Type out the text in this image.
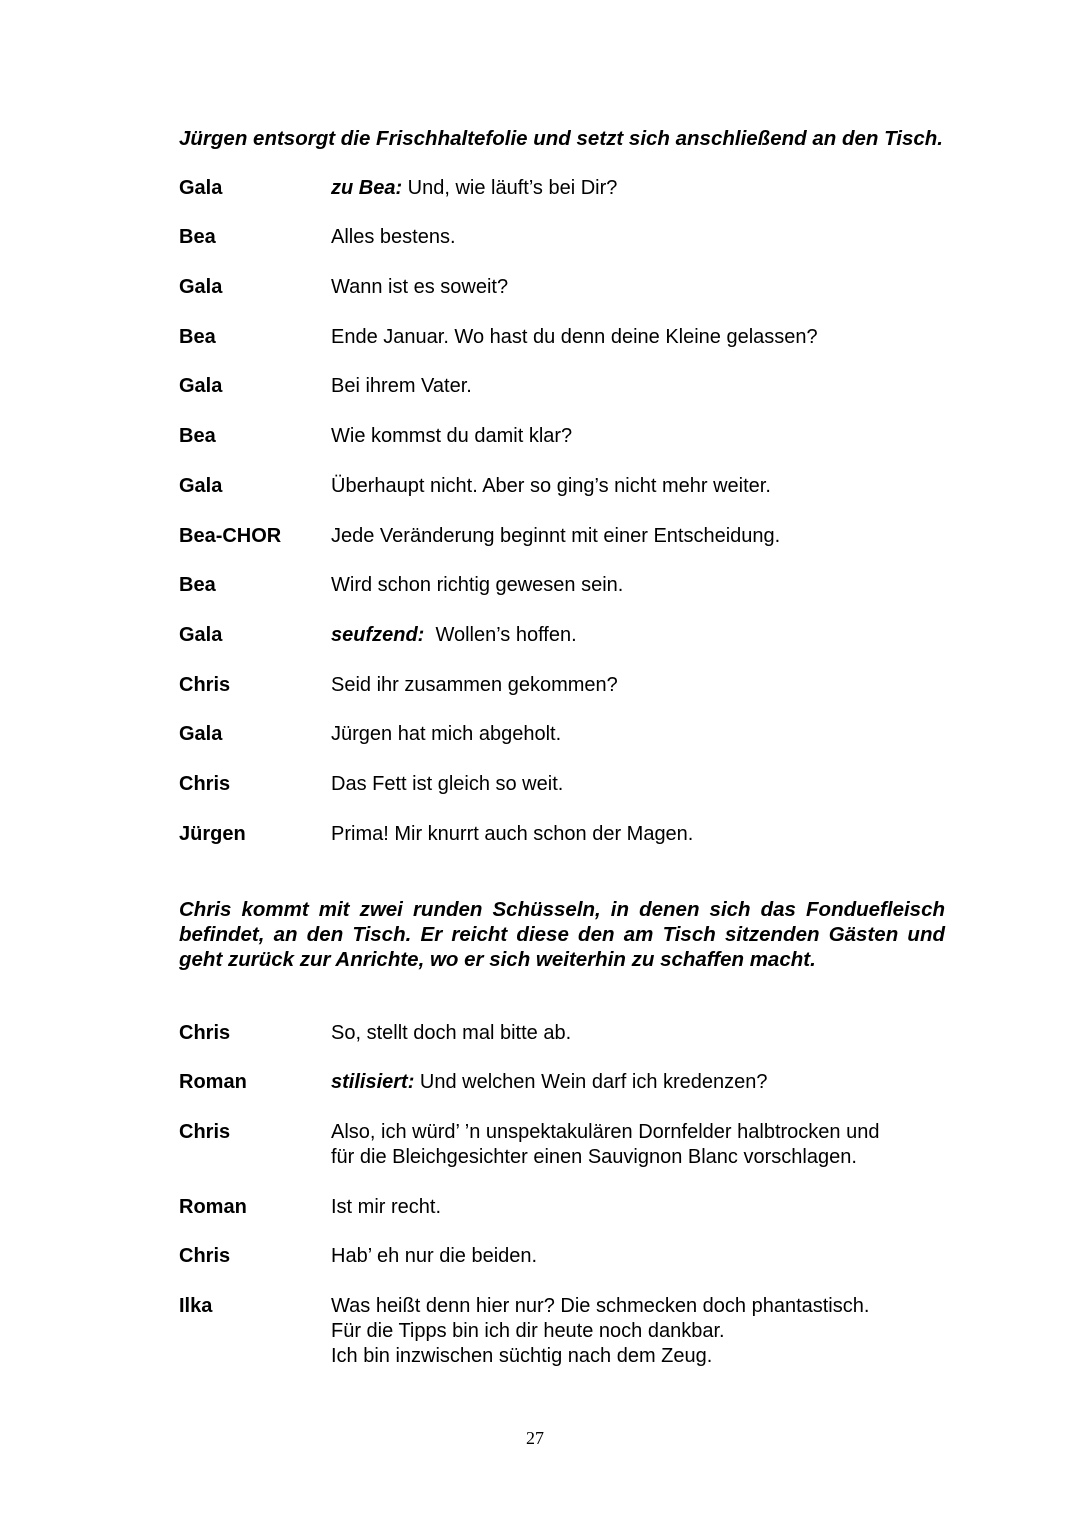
Jürgen entsorgt die Frischhaltefolie und setzt sich anschließend an den Tisch.

Gala	zu Bea: Und, wie läuft’s bei Dir?
Bea	Alles bestens.
Gala	Wann ist es soweit?
Bea	Ende Januar. Wo hast du denn deine Kleine gelassen?
Gala	Bei ihrem Vater.
Bea	Wie kommst du damit klar?
Gala	Überhaupt nicht. Aber so ging’s nicht mehr weiter.
Bea-CHOR	Jede Veränderung beginnt mit einer Entscheidung.
Bea	Wird schon richtig gewesen sein.
Gala	seufzend:  Wollen’s hoffen.
Chris	Seid ihr zusammen gekommen?
Gala	Jürgen hat mich abgeholt.
Chris	Das Fett ist gleich so weit.
Jürgen	Prima! Mir knurrt auch schon der Magen.

Chris kommt mit zwei runden Schüsseln, in denen sich das Fonduefleisch befindet, an den Tisch. Er reicht diese den am Tisch sitzenden Gästen und geht zurück zur Anrichte, wo er sich weiterhin zu schaffen macht.

Chris	So, stellt doch mal bitte ab.
Roman	stilisiert: Und welchen Wein darf ich kredenzen?
Chris	Also, ich würd’ ’n unspektakulären Dornfelder halbtrocken und
für die Bleichgesichter einen Sauvignon Blanc vorschlagen.
Roman	Ist mir recht.
Chris	Hab’ eh nur die beiden.
Ilka	Was heißt denn hier nur? Die schmecken doch phantastisch.
Für die Tipps bin ich dir heute noch dankbar.
Ich bin inzwischen süchtig nach dem Zeug.
27
